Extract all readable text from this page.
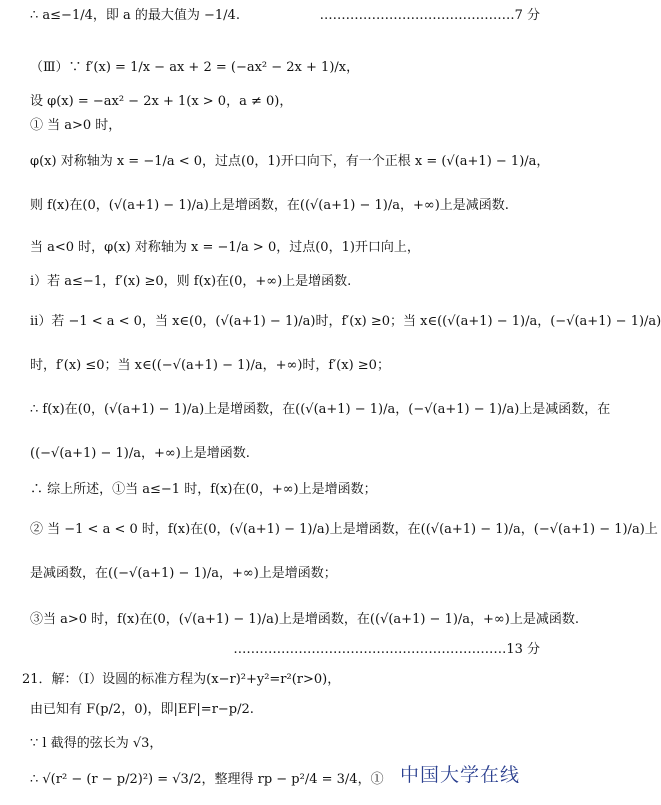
∴ a≤−1/4，即 a 的最大值为 −1/4.	………………………………………7 分
（Ⅲ）∵ f′(x) = 1/x − ax + 2 = (−ax² − 2x + 1)/x，
设 φ(x) = −ax² − 2x + 1(x > 0，a ≠ 0)，
① 当 a>0 时，
φ(x) 对称轴为 x = −1/a < 0，过点(0，1)开口向下，有一个正根 x = (√(a+1) − 1)/a，
则 f(x)在(0，(√(a+1) − 1)/a)上是增函数，在((√(a+1) − 1)/a，+∞)上是减函数.
当 a<0 时，φ(x) 对称轴为 x = −1/a > 0，过点(0，1)开口向上，
i）若 a≤−1，f′(x) ≥0，则 f(x)在(0，+∞)上是增函数.
ii）若 −1 < a < 0，当 x∈(0，(√(a+1) − 1)/a)时，f′(x) ≥0；当 x∈((√(a+1) − 1)/a，(−√(a+1) − 1)/a)
时，f′(x) ≤0；当 x∈((−√(a+1) − 1)/a，+∞)时，f′(x) ≥0；
∴ f(x)在(0，(√(a+1) − 1)/a)上是增函数，在((√(a+1) − 1)/a，(−√(a+1) − 1)/a)上是减函数，在
((−√(a+1) − 1)/a，+∞)上是增函数.
∴ 综上所述，①当 a≤−1 时，f(x)在(0，+∞)上是增函数；
② 当 −1 < a < 0 时，f(x)在(0，(√(a+1) − 1)/a)上是增函数，在((√(a+1) − 1)/a，(−√(a+1) − 1)/a)上
是减函数，在((−√(a+1) − 1)/a，+∞)上是增函数；
③当 a>0 时，f(x)在(0，(√(a+1) − 1)/a)上是增函数，在((√(a+1) − 1)/a，+∞)上是减函数.
………………………………………………………13 分
21．解：（Ⅰ）设圆的标准方程为(x−r)²+y²=r²(r>0)，
由已知有 F(p/2，0)，即|EF|=r−p/2.
∵ l 截得的弦长为 √3，
∴ √(r² − (r − p/2)²) = √3/2，整理得 rp − p²/4 = 3/4，① 中国大学在线
